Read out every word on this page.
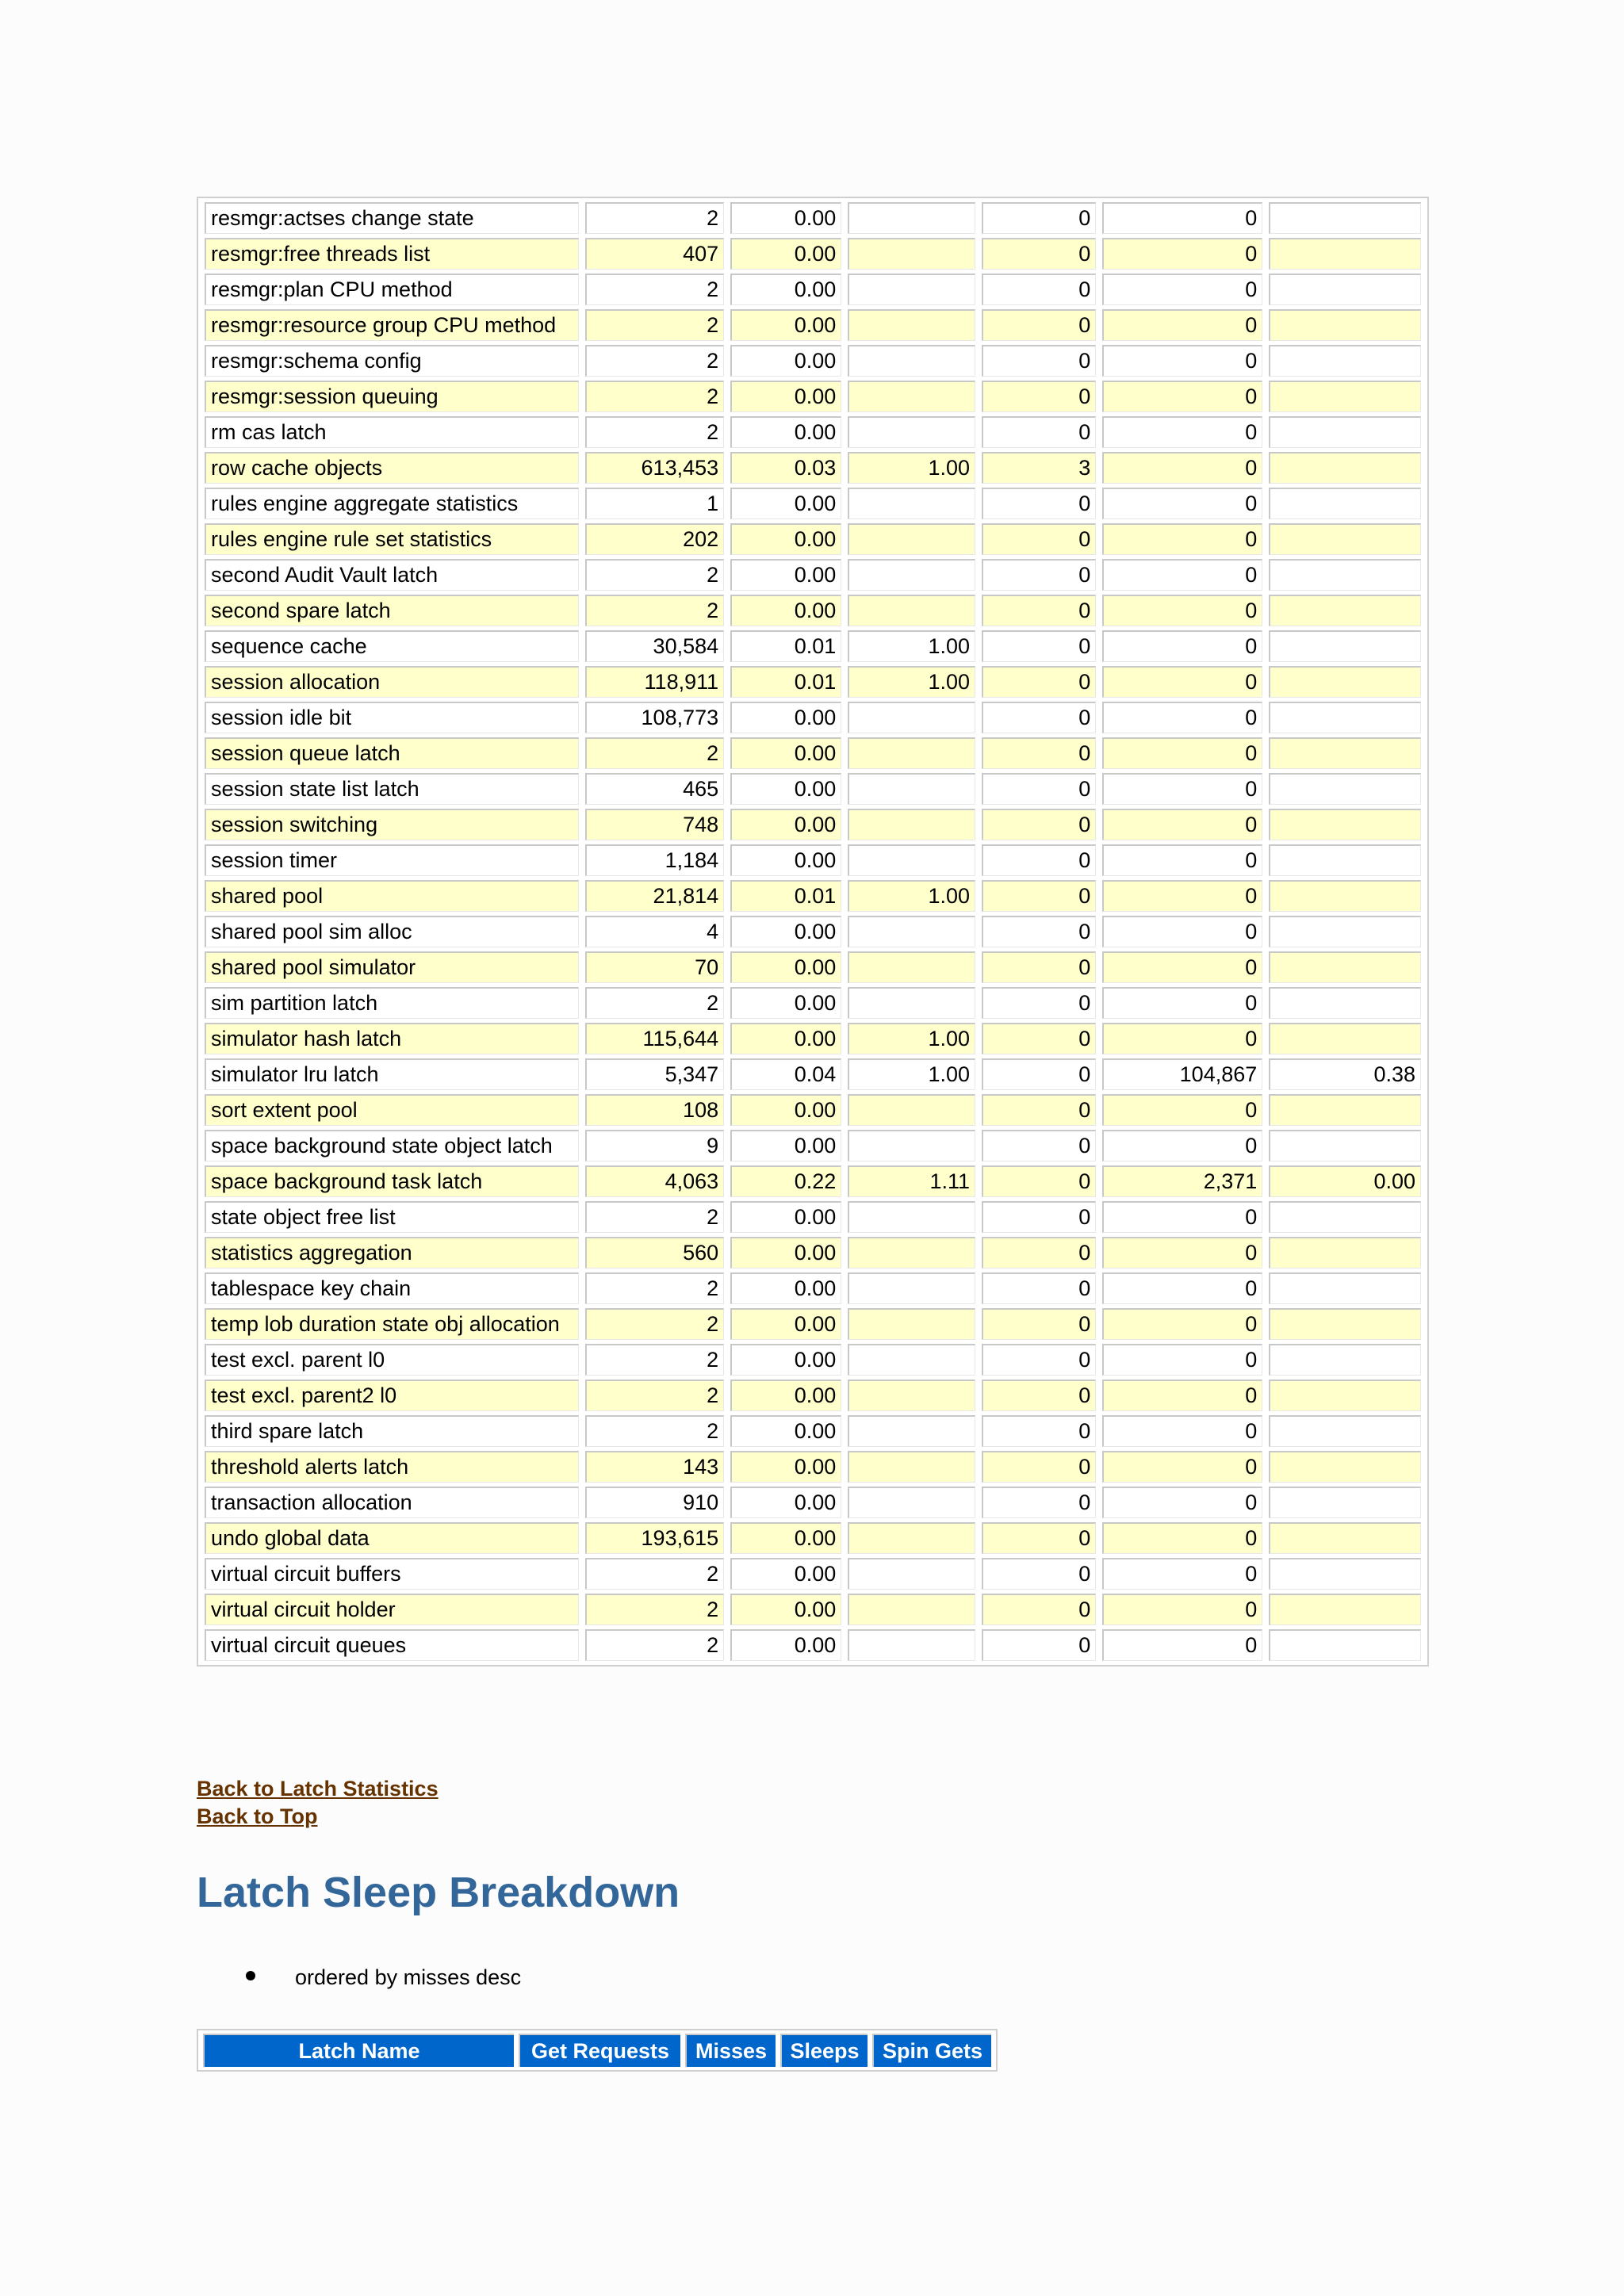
resmgr:actses change state	2	0.00		0	0	
resmgr:free threads list	407	0.00		0	0	
resmgr:plan CPU method	2	0.00		0	0	
resmgr:resource group CPU method	2	0.00		0	0	
resmgr:schema config	2	0.00		0	0	
resmgr:session queuing	2	0.00		0	0	
rm cas latch	2	0.00		0	0	
row cache objects	613,453	0.03	1.00	3	0	
rules engine aggregate statistics	1	0.00		0	0	
rules engine rule set statistics	202	0.00		0	0	
second Audit Vault latch	2	0.00		0	0	
second spare latch	2	0.00		0	0	
sequence cache	30,584	0.01	1.00	0	0	
session allocation	118,911	0.01	1.00	0	0	
session idle bit	108,773	0.00		0	0	
session queue latch	2	0.00		0	0	
session state list latch	465	0.00		0	0	
session switching	748	0.00		0	0	
session timer	1,184	0.00		0	0	
shared pool	21,814	0.01	1.00	0	0	
shared pool sim alloc	4	0.00		0	0	
shared pool simulator	70	0.00		0	0	
sim partition latch	2	0.00		0	0	
simulator hash latch	115,644	0.00	1.00	0	0	
simulator lru latch	5,347	0.04	1.00	0	104,867	0.38
sort extent pool	108	0.00		0	0	
space background state object latch	9	0.00		0	0	
space background task latch	4,063	0.22	1.11	0	2,371	0.00
state object free list	2	0.00		0	0	
statistics aggregation	560	0.00		0	0	
tablespace key chain	2	0.00		0	0	
temp lob duration state obj allocation	2	0.00		0	0	
test excl. parent l0	2	0.00		0	0	
test excl. parent2 l0	2	0.00		0	0	
third spare latch	2	0.00		0	0	
threshold alerts latch	143	0.00		0	0	
transaction allocation	910	0.00		0	0	
undo global data	193,615	0.00		0	0	
virtual circuit buffers	2	0.00		0	0	
virtual circuit holder	2	0.00		0	0	
virtual circuit queues	2	0.00		0	0	
Back to Latch Statistics
Back to Top
Latch Sleep Breakdown
ordered by misses desc
Latch Name	Get Requests	Misses	Sleeps	Spin Gets
